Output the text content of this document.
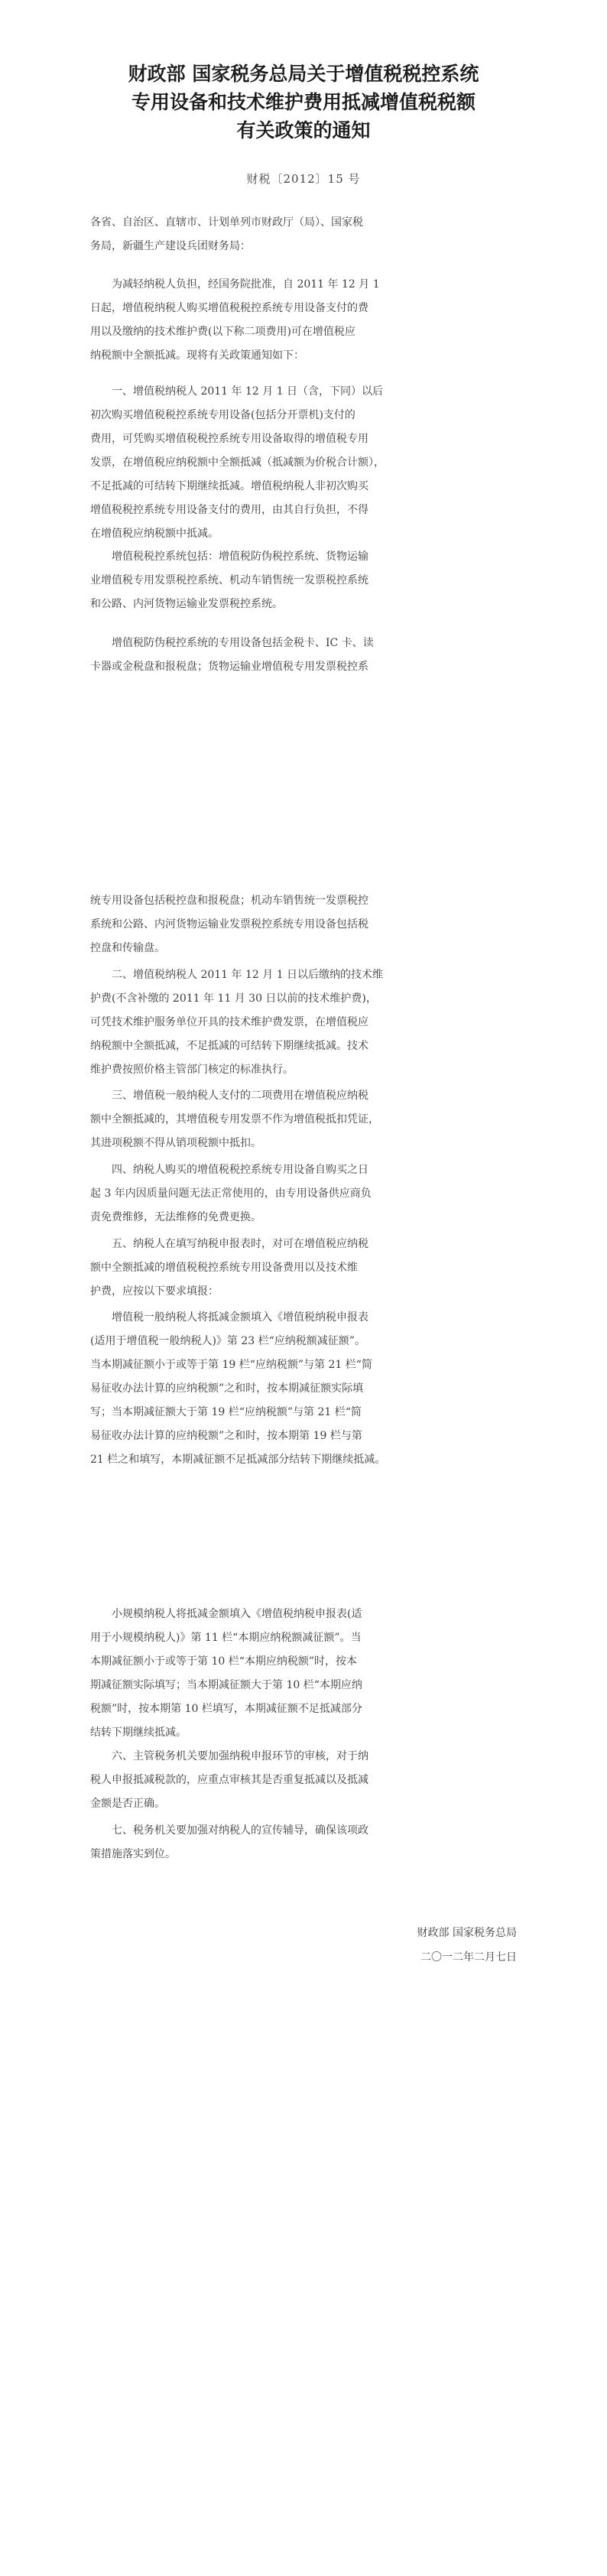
财政部 国家税务总局关于增值税税控系统
专用设备和技术维护费用抵减增值税税额
有关政策的通知
财税〔2012〕15 号
各省、自治区、直辖市、计划单列市财政厅（局）、国家税
务局，新疆生产建设兵团财务局：
　　为减轻纳税人负担，经国务院批准，自 2011 年 12 月 1
日起，增值税纳税人购买增值税税控系统专用设备支付的费
用以及缴纳的技术维护费(以下称二项费用)可在增值税应
纳税额中全额抵减。现将有关政策通知如下：
　　一、增值税纳税人 2011 年 12 月 1 日（含，下同）以后
初次购买增值税税控系统专用设备(包括分开票机)支付的
费用，可凭购买增值税税控系统专用设备取得的增值税专用
发票，在增值税应纳税额中全额抵减（抵减额为价税合计额），
不足抵减的可结转下期继续抵减。增值税纳税人非初次购买
增值税税控系统专用设备支付的费用，由其自行负担，不得
在增值税应纳税额中抵减。
　　增值税税控系统包括：增值税防伪税控系统、货物运输
业增值税专用发票税控系统、机动车销售统一发票税控系统
和公路、内河货物运输业发票税控系统。
　　增值税防伪税控系统的专用设备包括金税卡、IC 卡、读
卡器或金税盘和报税盘；货物运输业增值税专用发票税控系
统专用设备包括税控盘和报税盘；机动车销售统一发票税控
系统和公路、内河货物运输业发票税控系统专用设备包括税
控盘和传输盘。
　　二、增值税纳税人 2011 年 12 月 1 日以后缴纳的技术维
护费(不含补缴的 2011 年 11 月 30 日以前的技术维护费)，
可凭技术维护服务单位开具的技术维护费发票，在增值税应
纳税额中全额抵减，不足抵减的可结转下期继续抵减。技术
维护费按照价格主管部门核定的标准执行。
　　三、增值税一般纳税人支付的二项费用在增值税应纳税
额中全额抵减的，其增值税专用发票不作为增值税抵扣凭证，
其进项税额不得从销项税额中抵扣。
　　四、纳税人购买的增值税税控系统专用设备自购买之日
起 3 年内因质量问题无法正常使用的，由专用设备供应商负
责免费维修，无法维修的免费更换。
　　五、纳税人在填写纳税申报表时，对可在增值税应纳税
额中全额抵减的增值税税控系统专用设备费用以及技术维
护费，应按以下要求填报：
　　增值税一般纳税人将抵减金额填入《增值税纳税申报表
(适用于增值税一般纳税人)》第 23 栏“应纳税额减征额”。
当本期减征额小于或等于第 19 栏“应纳税额”与第 21 栏“简
易征收办法计算的应纳税额”之和时，按本期减征额实际填
写；当本期减征额大于第 19 栏“应纳税额”与第 21 栏“简
易征收办法计算的应纳税额”之和时，按本期第 19 栏与第
21 栏之和填写，本期减征额不足抵减部分结转下期继续抵减。
　　小规模纳税人将抵减金额填入《增值税纳税申报表(适
用于小规模纳税人)》第 11 栏“本期应纳税额减征额”。当
本期减征额小于或等于第 10 栏“本期应纳税额”时，按本
期减征额实际填写；当本期减征额大于第 10 栏“本期应纳
税额”时，按本期第 10 栏填写，本期减征额不足抵减部分
结转下期继续抵减。
　　六、主管税务机关要加强纳税申报环节的审核，对于纳
税人申报抵减税款的，应重点审核其是否重复抵减以及抵减
金额是否正确。
　　七、税务机关要加强对纳税人的宣传辅导，确保该项政
策措施落实到位。
财政部 国家税务总局
二〇一二年二月七日
